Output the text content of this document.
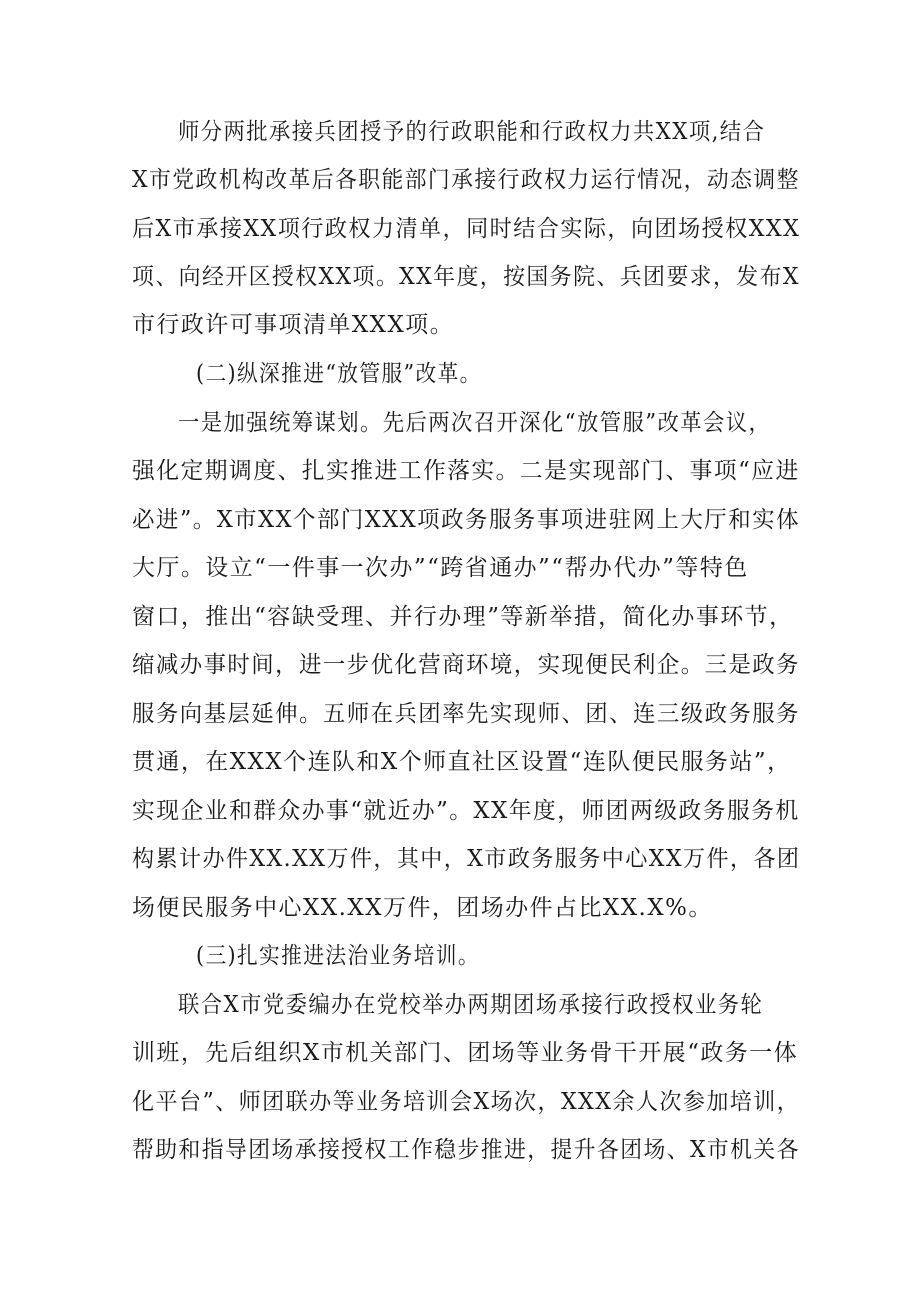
师分两批承接兵团授予的行政职能和行政权力共XX项,结合
X市党政机构改革后各职能部门承接行政权力运行情况，动态调整
后X市承接XX项行政权力清单，同时结合实际，向团场授权XXX
项、向经开区授权XX项。XX年度，按国务院、兵团要求，发布X
市行政许可事项清单XXX项。
(二)纵深推进“放管服”改革。
一是加强统筹谋划。先后两次召开深化“放管服”改革会议，
强化定期调度、扎实推进工作落实。二是实现部门、事项“应进
必进”。X市XX个部门XXX项政务服务事项进驻网上大厅和实体
大厅。设立“一件事一次办”“跨省通办”“帮办代办”等特色
窗口，推出“容缺受理、并行办理”等新举措，简化办事环节，
缩减办事时间，进一步优化营商环境，实现便民利企。三是政务
服务向基层延伸。五师在兵团率先实现师、团、连三级政务服务
贯通，在XXX个连队和X个师直社区设置“连队便民服务站”，
实现企业和群众办事“就近办”。XX年度，师团两级政务服务机
构累计办件XX.XX万件，其中，X市政务服务中心XX万件，各团
场便民服务中心XX.XX万件，团场办件占比XX.X%。
(三)扎实推进法治业务培训。
联合X市党委编办在党校举办两期团场承接行政授权业务轮
训班，先后组织X市机关部门、团场等业务骨干开展“政务一体
化平台”、师团联办等业务培训会X场次，XXX余人次参加培训，
帮助和指导团场承接授权工作稳步推进，提升各团场、X市机关各
